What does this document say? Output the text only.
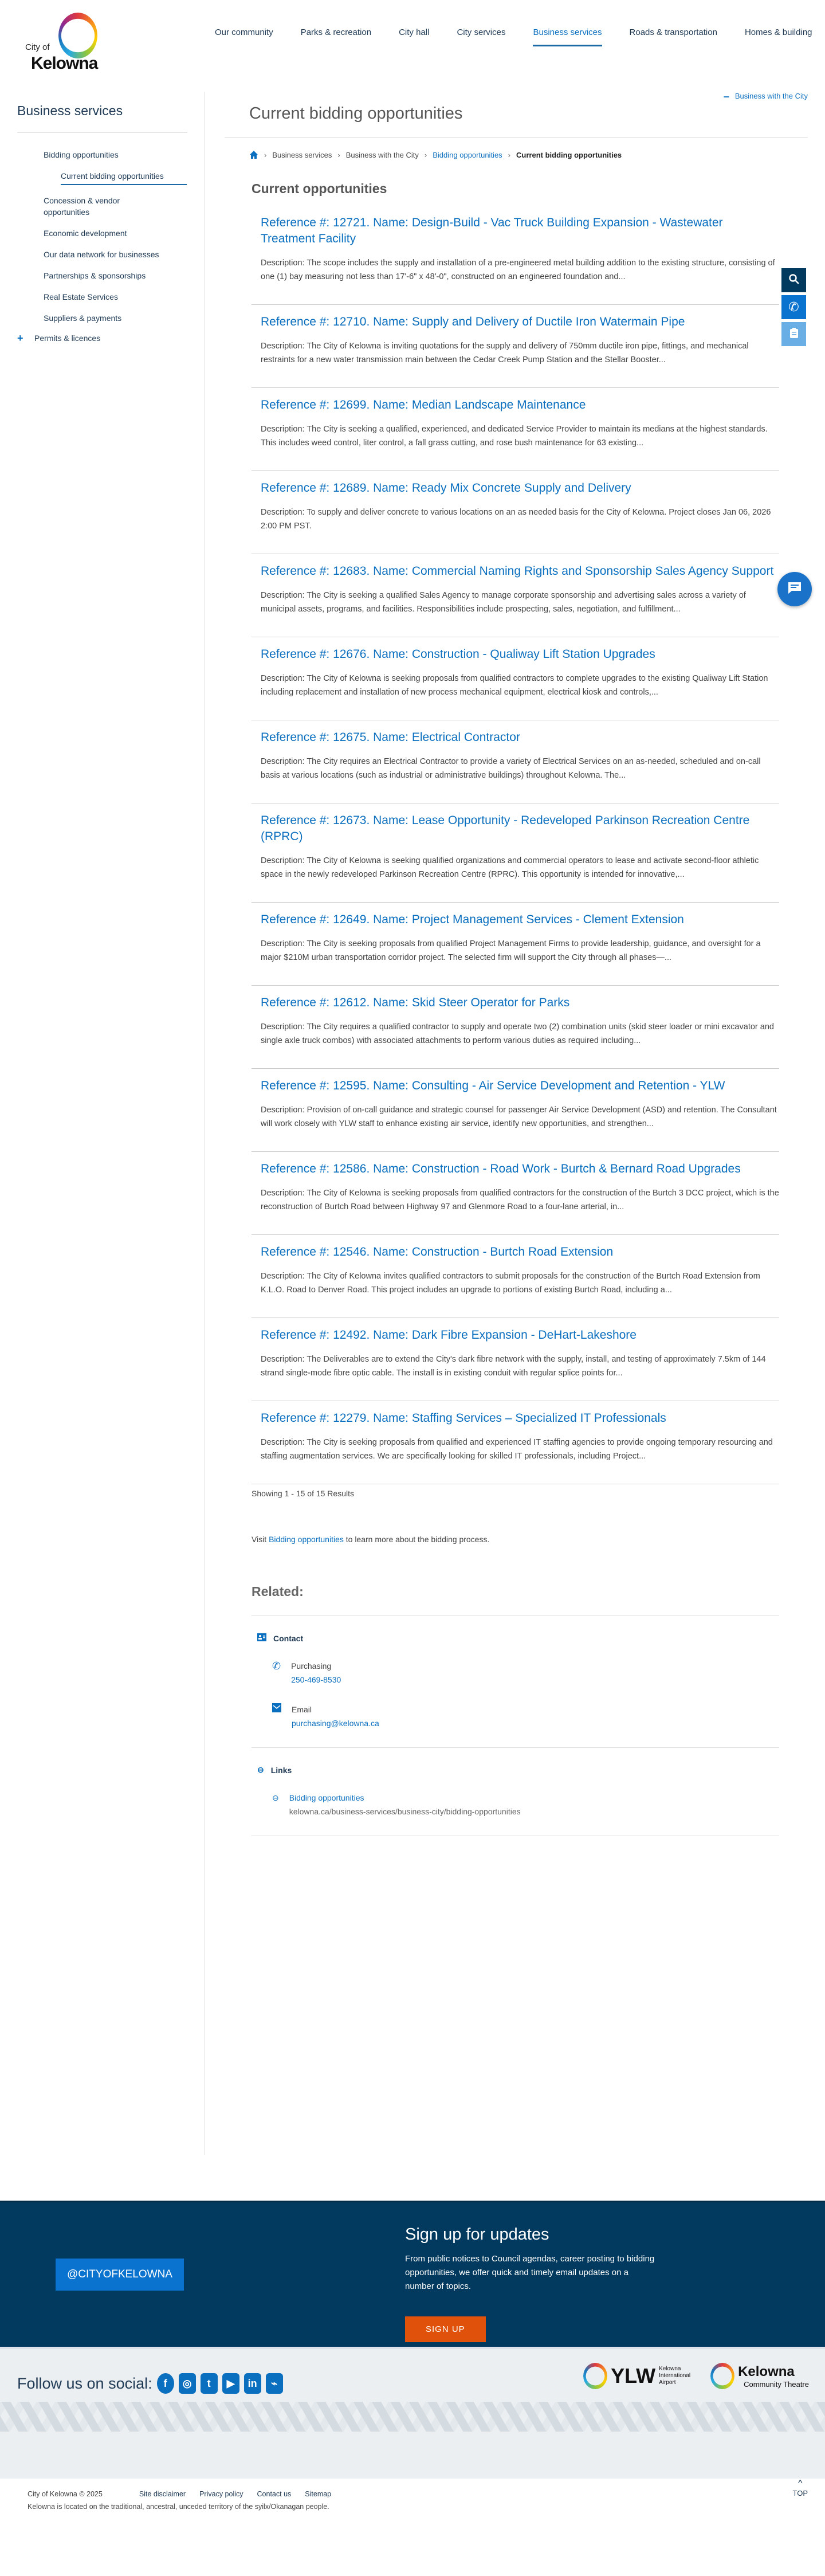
City of
Kelowna
Our community	Parks & recreation	City hall	City services	Business services	Roads & transportation	Homes & building
Business services
– Business with the City
Bidding opportunities
Current bidding opportunities
Concession & vendor opportunities
Economic development
Our data network for businesses
Partnerships & sponsorships
Real Estate Services
Suppliers & payments
+	Permits & licences
Current bidding opportunities
› Business services › Business with the City › Bidding opportunities › Current bidding opportunities
Current opportunities
Reference #: 12721. Name: Design-Build - Vac Truck Building Expansion - Wastewater Treatment Facility

Description: The scope includes the supply and installation of a pre-engineered metal building addition to the existing structure, consisting of one (1) bay measuring not less than 17'-6" x 48'-0", constructed on an engineered foundation and...

Reference #: 12710. Name: Supply and Delivery of Ductile Iron Watermain Pipe

Description: The City of Kelowna is inviting quotations for the supply and delivery of 750mm ductile iron pipe, fittings, and mechanical restraints for a new water transmission main between the Cedar Creek Pump Station and the Stellar Booster...

Reference #: 12699. Name: Median Landscape Maintenance

Description: The City is seeking a qualified, experienced, and dedicated Service Provider to maintain its medians at the highest standards. This includes weed control, liter control, a fall grass cutting, and rose bush maintenance for 63 existing...

Reference #: 12689. Name: Ready Mix Concrete Supply and Delivery

Description: To supply and deliver concrete to various locations on an as needed basis for the City of Kelowna. Project closes Jan 06, 2026 2:00 PM PST.

Reference #: 12683. Name: Commercial Naming Rights and Sponsorship Sales Agency Support

Description: The City is seeking a qualified Sales Agency to manage corporate sponsorship and advertising sales across a variety of municipal assets, programs, and facilities. Responsibilities include prospecting, sales, negotiation, and fulfillment...

Reference #: 12676. Name: Construction - Qualiway Lift Station Upgrades

Description: The City of Kelowna is seeking proposals from qualified contractors to complete upgrades to the existing Qualiway Lift Station including replacement and installation of new process mechanical equipment, electrical kiosk and controls,...

Reference #: 12675. Name: Electrical Contractor

Description: The City requires an Electrical Contractor to provide a variety of Electrical Services on an as-needed, scheduled and on-call basis at various locations (such as industrial or administrative buildings) throughout Kelowna. The...

Reference #: 12673. Name: Lease Opportunity - Redeveloped Parkinson Recreation Centre (RPRC)

Description: The City of Kelowna is seeking qualified organizations and commercial operators to lease and activate second-floor athletic space in the newly redeveloped Parkinson Recreation Centre (RPRC). This opportunity is intended for innovative,...

Reference #: 12649. Name: Project Management Services - Clement Extension

Description: The City is seeking proposals from qualified Project Management Firms to provide leadership, guidance, and oversight for a major $210M urban transportation corridor project. The selected firm will support the City through all phases—...

Reference #: 12612. Name: Skid Steer Operator for Parks

Description: The City requires a qualified contractor to supply and operate two (2) combination units (skid steer loader or mini excavator and single axle truck combos) with associated attachments to perform various duties as required including...

Reference #: 12595. Name: Consulting - Air Service Development and Retention - YLW

Description: Provision of on-call guidance and strategic counsel for passenger Air Service Development (ASD) and retention. The Consultant will work closely with YLW staff to enhance existing air service, identify new opportunities, and strengthen...

Reference #: 12586. Name: Construction - Road Work - Burtch & Bernard Road Upgrades

Description: The City of Kelowna is seeking proposals from qualified contractors for the construction of the Burtch 3 DCC project, which is the reconstruction of Burtch Road between Highway 97 and Glenmore Road to a four-lane arterial, in...

Reference #: 12546. Name: Construction - Burtch Road Extension

Description: The City of Kelowna invites qualified contractors to submit proposals for the construction of the Burtch Road Extension from K.L.O. Road to Denver Road. This project includes an upgrade to portions of existing Burtch Road, including a...

Reference #: 12492. Name: Dark Fibre Expansion - DeHart-Lakeshore

Description: The Deliverables are to extend the City's dark fibre network with the supply, install, and testing of approximately 7.5km of 144 strand single-mode fibre optic cable. The install is in existing conduit with regular splice points for...

Reference #: 12279. Name: Staffing Services – Specialized IT Professionals

Description: The City is seeking proposals from qualified and experienced IT staffing agencies to provide ongoing temporary resourcing and staffing augmentation services. We are specifically looking for skilled IT professionals, including Project...

Showing 1 - 15 of 15 Results

Visit Bidding opportunities to learn more about the bidding process.

Related:
Contact
✆ Purchasing
250-469-8530
Email
purchasing@kelowna.ca
⊖ Links
⊖ Bidding opportunities
kelowna.ca/business-services/business-city/bidding-opportunities
✆
@CITYOFKELOWNA
Sign up for updates

From public notices to Council agendas, career posting to bidding opportunities, we offer quick and timely email updates on a number of topics.

SIGN UP
Follow us on social:	f	◎	t	▶	in	⌁	YLW Kelowna International Airport
Kelowna
Community Theatre
City of Kelowna © 2025	Site disclaimer Privacy policy Contact us Sitemap

Kelowna is located on the traditional, ancestral, unceded territory of the syilx/Okanagan people.

^
TOP
